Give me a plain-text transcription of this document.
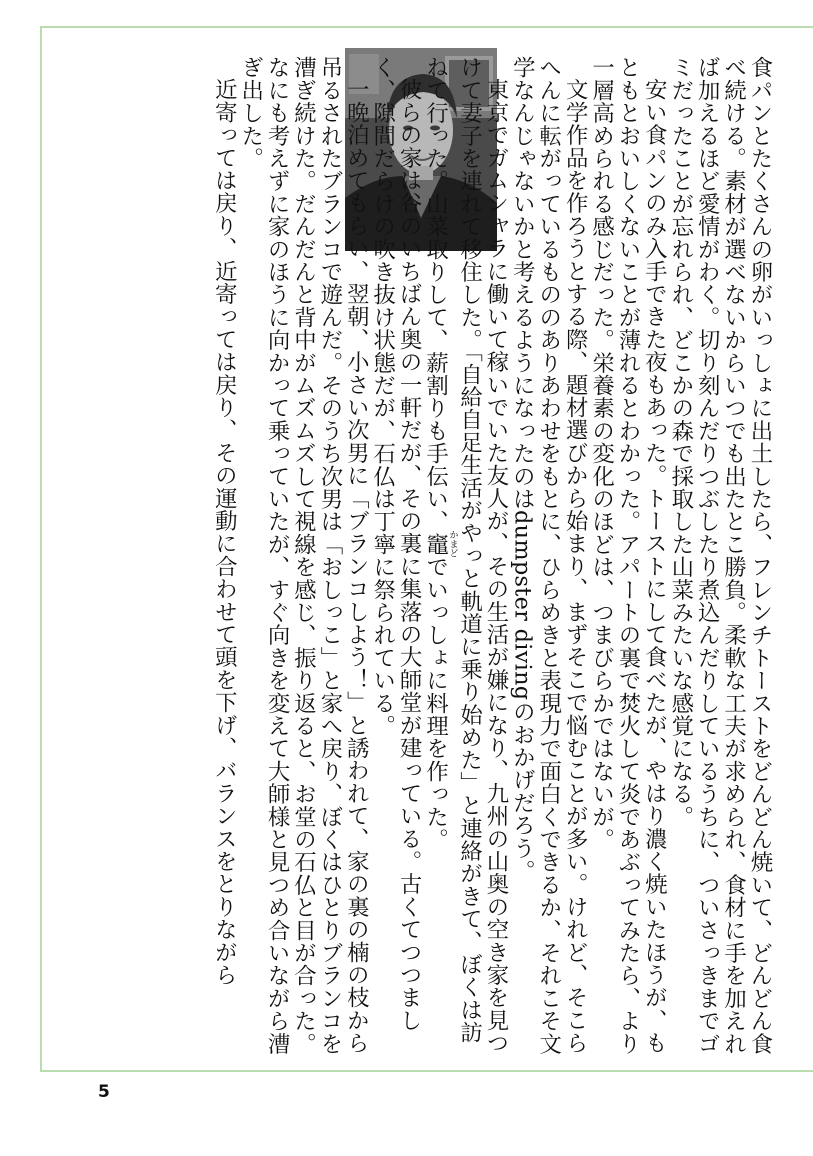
食パンとたくさんの卵がいっしょに出土したら、フレンチトーストをどんどん焼いて、どんどん食べ続ける。素材が選べないからいつでも出たとこ勝負。柔軟な工夫が求められ、食材に手を加えれば加えるほど愛情がわく。切り刻んだりつぶしたり煮込んだりしているうちに、ついさっきまでゴミだったことが忘れられ、どこかの森で採取した山菜みたいな感覚になる。

安い食パンのみ入手できた夜もあった。トーストにして食べたが、やはり濃く焼いたほうが、もともとおいしくないことが薄れるとわかった。アパートの裏で焚火して炎であぶってみたら、より一層高められる感じだった。栄養素の変化のほどは、つまびらかではないが。

文学作品を作ろうとする際、題材選びから始まり、まずそこで悩むことが多い。けれど、そこらへんに転がっているもののありあわせをもとに、ひらめきと表現力で面白くできるか、それこそ文学なんじゃないかと考えるようになったのはdumpster divingのおかげだろう。

東京でガムシャラに働いて稼いでいた友人が、その生活が嫌になり、九州の山奥の空き家を見つけて妻子を連れて移住した。「自給自足生活がやっと軌道に乗り始めた」と連絡がきて、ぼくは訪ねて行った。山菜取りして、薪割りも手伝い、竈 かまどでいっしょに料理を作った。

彼らの家は谷のいちばん奥の一軒だが、その裏に集落の大師堂が建っている。古くてつつましく、隙間だらけの吹き抜け状態だが、石仏は丁寧に祭られている。

一晩泊めてもらい、翌朝、小さい次男に「ブランコしよう！」と誘われて、家の裏の楠の枝から吊るされたブランコで遊んだ。そのうち次男は「おしっこ」と家へ戻り、ぼくはひとりブランコを漕ぎ続けた。だんだんと背中がムズムズして視線を感じ、振り返ると、お堂の石仏と目が合った。なにも考えずに家のほうに向かって乗っていたが、すぐ向きを変えて大師様と見つめ合いながら漕ぎ出した。

近寄っては戻り、近寄っては戻り、その運動に合わせて頭を下げ、バランスをとりながら

5
